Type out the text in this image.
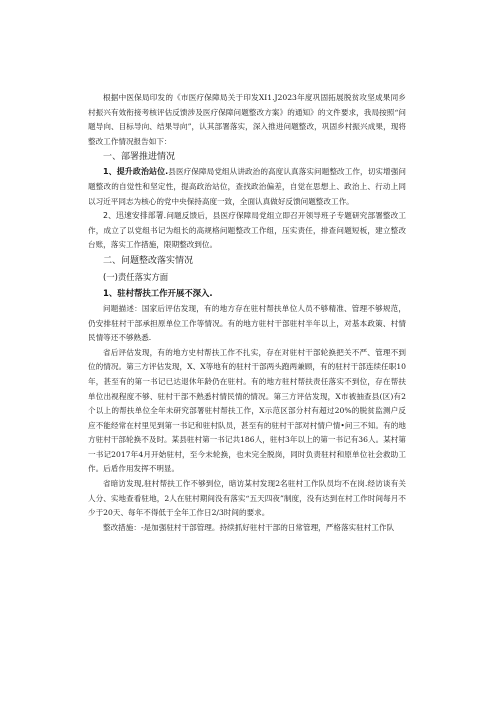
根据中医保局印发的《市医疗保障局关于印发XI1.J2023年度巩固拓展脱贫攻坚成果同乡村振兴有效衔接考核评估反馈涉及医疗保障问题整改方案》的通知》的文件要求，我局按照“问题导向、目标导向、结果导向”，认其部署落实，深入推进问题整改，巩固乡村振兴成果，现将整改工作情况报告如下：

一、部署推进情况

1、提升政治站位.县医疗保障局党组从讲政治的高度认真落实问题整改工作，切实增强问题整改的自觉性和坚定性，提高政治站位，查找政治偏差，自觉在思想上、政治上、行动上同以习近平同志为核心的党中央保持高度一致，全面认真做好反馈问题整改工作。

2、迅速安排部署.问题反馈后，县医疗保障局党组立即召开领导班子专题研究部署整改工作，成立了以党组书记为组长的高规格问题整改工作组，压实责任，排查问题短板，建立整改台账，落实工作措施，限期整改到位。

二、问题整改落实情况
(一)责任落实方面
1、驻村帮扶工作开展不深入.

问题描述：国家后评估发现，有的地方存在驻村帮扶单位人员不够精准、管理不够规范，仍安排驻村干部承担原单位工作等情况。有的地方驻村干部驻村半年以上，对基本政策、村情民情等还不够熟悉.

省后评估发现，有的地方史村帮扶工作不扎实，存在对驻村干部轮换把关不严、管理不到位的情况。第三方评估发现，X、X等地有的驻村干部两头跑两兼顾，有的驻村干部连续任职10年，甚至有的第一书记已达退休年龄仍在驻村。有的地方驻村帮扶责任落实不到位，存在帮扶单位出视程度不够、驻村干部不熟悉村情民情的情况。第三方评估发现，X市被抽查县(区)有2个以上的帮扶单位全年未研究部署驻村帮扶工作，X示范区部分村有超过20%的脱贫监测户反应不能经常在村里见到第一书记和驻村队员，甚至有的驻村干部对村情户情•问三不知。有的地方驻村干部轮换不及时。某县驻村第一书记共186人，驻村3年以上的第一书记有36人。某村第一书记2017年4月开始驻村，至今未轮换，也未完全脱岗，同时负责驻村和原单位社会救助工作。后盾作用发挥不明显。

省暗访发现,驻村帮扶工作不够到位，暗访某村发现2名驻村工作队员均不在岗.经访谈有关人分、实地查看驻地，2人在驻村期间没有落实“五天四夜”制度，没有达到在村工作时间每月不少于20天、每年不得低于全年工作日2/3时间的要求。

整改措施：-是加强驻村干部管理。持续抓好驻村干部的日常管理，严格落实驻村工作队
